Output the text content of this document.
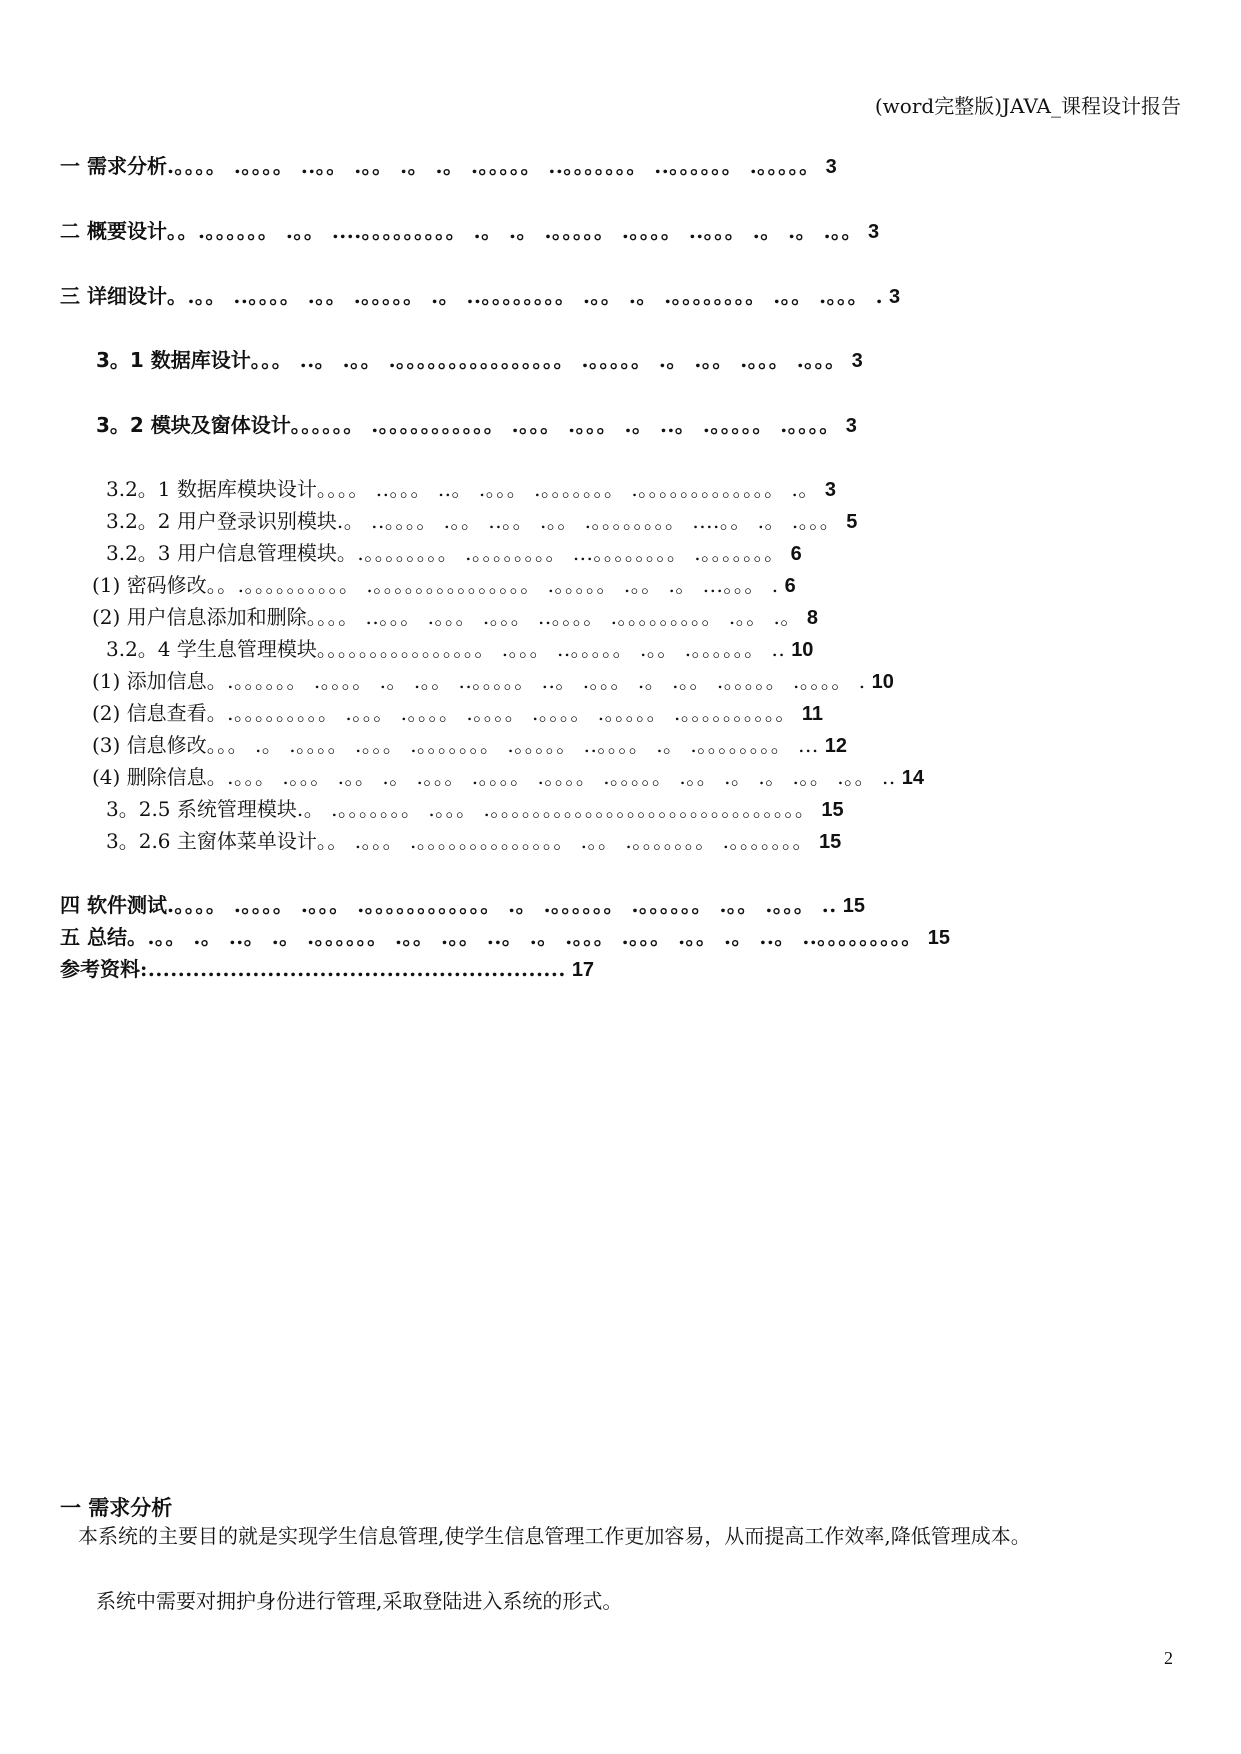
(word完整版)JAVA_课程设计报告
一 需求分析.。。。。 .。。。。 ..。。 .。。 .。 .。 .。。。。。 ..。。。。。。。 ..。。。。。。 .。。。。。 3
二 概要设计。。.。。。。。。 .。。 ....。。。。。。。。。 .。 .。 .。。。。。 .。。。。 ..。。。 .。 .。 .。。 3
三 详细设计。.。。 ..。。。。 .。。 .。。。。。 .。 ..。。。。。。。。 .。。 .。 .。。。。。。。。 .。。 .。。。 . 3
3。1 数据库设计。。。 ..。 .。。 .。。。。。。。。。。。。。。。。 .。。。。。 .。 .。。 .。。。 .。。。 3
3。2 模块及窗体设计。。。。。。 .。。。。。。。。。。。 .。。。 .。。。 .。 ..。 .。。。。。 .。。。。 3
3.2。1 数据库模块设计。。。。 ..。。。 ..。 .。。。 .。。。。。。。 .。。。。。。。。。。。。。 .。 3
3.2。2 用户登录识别模块.。 ..。。。。 .。。 ..。。 .。。 .。。。。。。。。 ....。。 .。 .。。。 5
3.2。3 用户信息管理模块。.。。。。。。。。 .。。。。。。。。 ...。。。。。。。。 .。。。。。。。 6
(1) 密码修改。。.。。。。。。。。。。 .。。。。。。。。。。。。。。。 .。。。。。 .。。 .。 ...。。。 . 6
(2) 用户信息添加和删除。。。。 ..。。。 .。。。 .。。。 ..。。。。 .。。。。。。。。。 .。。 .。 8
3.2。4 学生息管理模块。。。。。。。。。。。。。。。。 .。。。 ..。。。。。 .。。 .。。。。。。 .. 10
(1) 添加信息。.。。。。。。 .。。。。 .。 .。。 ..。。。。。 ..。 .。。。 .。 .。。 .。。。。。 .。。。。 . 10
(2) 信息查看。.。。。。。。。。。 .。。。 .。。。。 .。。。。 .。。。。 .。。。。。 .。。。。。。。。。。 11
(3) 信息修改。。。 .。 .。。。。 .。。。 .。。。。。。。 .。。。。。 ..。。。。 .。 .。。。。。。。。 ... 12
(4) 删除信息。.。。。 .。。。 .。。 .。 .。。。 .。。。。 .。。。。 .。。。。。 .。。 .。 .。 .。。 .。。 .. 14
3。2.5 系统管理模块.。 .。。。。。。。 .。。。 .。。。。。。。。。。。。。。。。。。。。。。。。。。。。。。 15
3。2.6 主窗体菜单设计。。 .。。。 .。。。。。。。。。。。。。。 .。。 .。。。。。。。 .。。。。。。。 15
四 软件测试.。。。。 .。。。。 .。。。 .。。。。。。。。。。。。 .。 .。。。。。。 .。。。。。。 .。。 .。。。 .. 15
五 总结。.。。 .。 ..。 .。 .。。。。。。 .。。 .。。 ..。 .。 .。。。 .。。。 .。。 .。 ..。 ..。。。。。。。。。 15
参考资料:........................................................ 17
一 需求分析
本系统的主要目的就是实现学生信息管理,使学生信息管理工作更加容易，从而提高工作效率,降低管理成本。
系统中需要对拥护身份进行管理,采取登陆进入系统的形式。
2
